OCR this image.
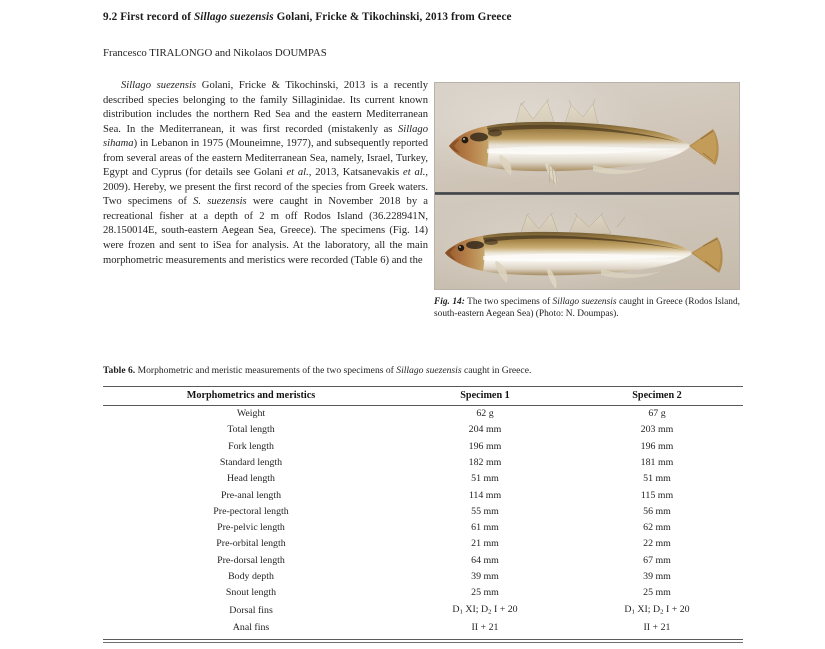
9.2 First record of Sillago suezensis Golani, Fricke & Tikochinski, 2013 from Greece
Francesco TIRALONGO and Nikolaos DOUMPAS

Sillago suezensis Golani, Fricke & Tikochinski, 2013 is a recently described species belonging to the family Sillaginidae. Its current known distribution includes the northern Red Sea and the eastern Mediterranean Sea. In the Mediterranean, it was first recorded (mistakenly as Sillago sihama) in Lebanon in 1975 (Mouneimne, 1977), and subsequently reported from several areas of the eastern Mediterranean Sea, namely, Israel, Turkey, Egypt and Cyprus (for details see Golani et al., 2013, Katsanevakis et al., 2009). Hereby, we present the first record of the species from Greek waters. Two specimens of S. suezensis were caught in November 2018 by a recreational fisher at a depth of 2 m off Rodos Island (36.228941N, 28.150014E, south-eastern Aegean Sea, Greece). The specimens (Fig. 14) were frozen and sent to iSea for analysis. At the laboratory, all the main morphometric measurements and meristics were recorded (Table 6) and the

Fig. 14: The two specimens of Sillago suezensis caught in Greece (Rodos Island, south-eastern Aegean Sea) (Photo: N. Doumpas).
Table 6. Morphometric and meristic measurements of the two specimens of Sillago suezensis caught in Greece.
Morphometrics and meristics	Specimen 1	Specimen 2
Weight	62 g	67 g
Total length	204 mm	203 mm
Fork length	196 mm	196 mm
Standard length	182 mm	181 mm
Head length	51 mm	51 mm
Pre-anal length	114 mm	115 mm
Pre-pectoral length	55 mm	56 mm
Pre-pelvic length	61 mm	62 mm
Pre-orbital length	21 mm	22 mm
Pre-dorsal length	64 mm	67 mm
Body depth	39 mm	39 mm
Snout length	25 mm	25 mm
Dorsal fins	$D_1$ XI; $D_2$ I + 20	$D_1$ XI; $D_2$ I + 20
Anal fins	II + 21	II + 21
